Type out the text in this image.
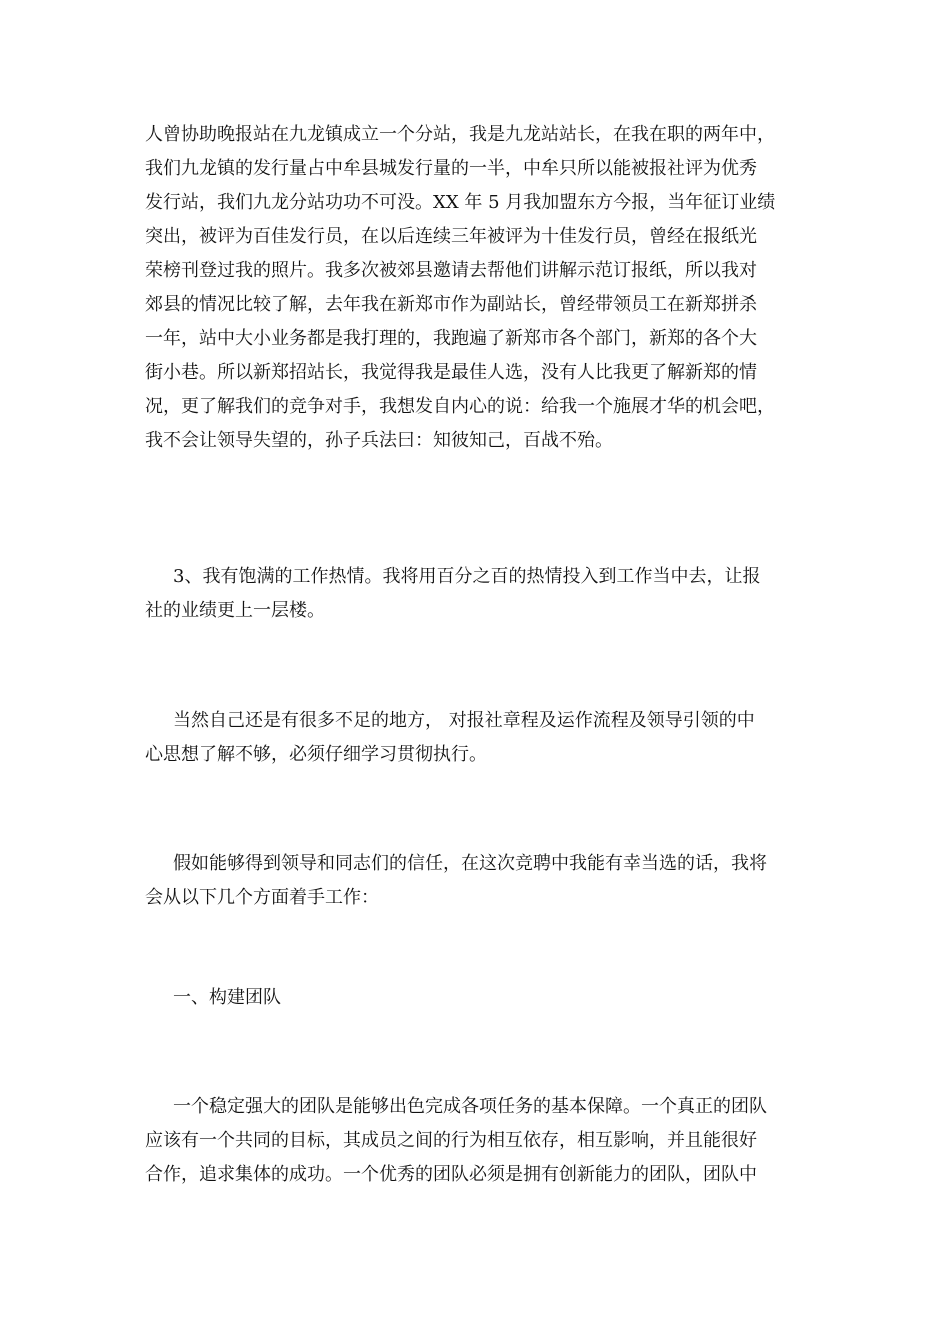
人曾协助晚报站在九龙镇成立一个分站，我是九龙站站长，在我在职的两年中，
我们九龙镇的发行量占中牟县城发行量的一半，中牟只所以能被报社评为优秀
发行站，我们九龙分站功功不可没。XX 年 5 月我加盟东方今报，当年征订业绩
突出，被评为百佳发行员，在以后连续三年被评为十佳发行员，曾经在报纸光
荣榜刊登过我的照片。我多次被郊县邀请去帮他们讲解示范订报纸，所以我对
郊县的情况比较了解，去年我在新郑市作为副站长，曾经带领员工在新郑拼杀
一年，站中大小业务都是我打理的，我跑遍了新郑市各个部门，新郑的各个大
街小巷。所以新郑招站长，我觉得我是最佳人选，没有人比我更了解新郑的情
况，更了解我们的竞争对手，我想发自内心的说：给我一个施展才华的机会吧，
我不会让领导失望的，孙子兵法曰：知彼知己，百战不殆。
3、我有饱满的工作热情。我将用百分之百的热情投入到工作当中去，让报
社的业绩更上一层楼。
当然自己还是有很多不足的地方， 对报社章程及运作流程及领导引领的中
心思想了解不够，必须仔细学习贯彻执行。
假如能够得到领导和同志们的信任，在这次竞聘中我能有幸当选的话，我将
会从以下几个方面着手工作：
一、构建团队
一个稳定强大的团队是能够出色完成各项任务的基本保障。一个真正的团队
应该有一个共同的目标，其成员之间的行为相互依存，相互影响，并且能很好
合作，追求集体的成功。一个优秀的团队必须是拥有创新能力的团队，团队中
